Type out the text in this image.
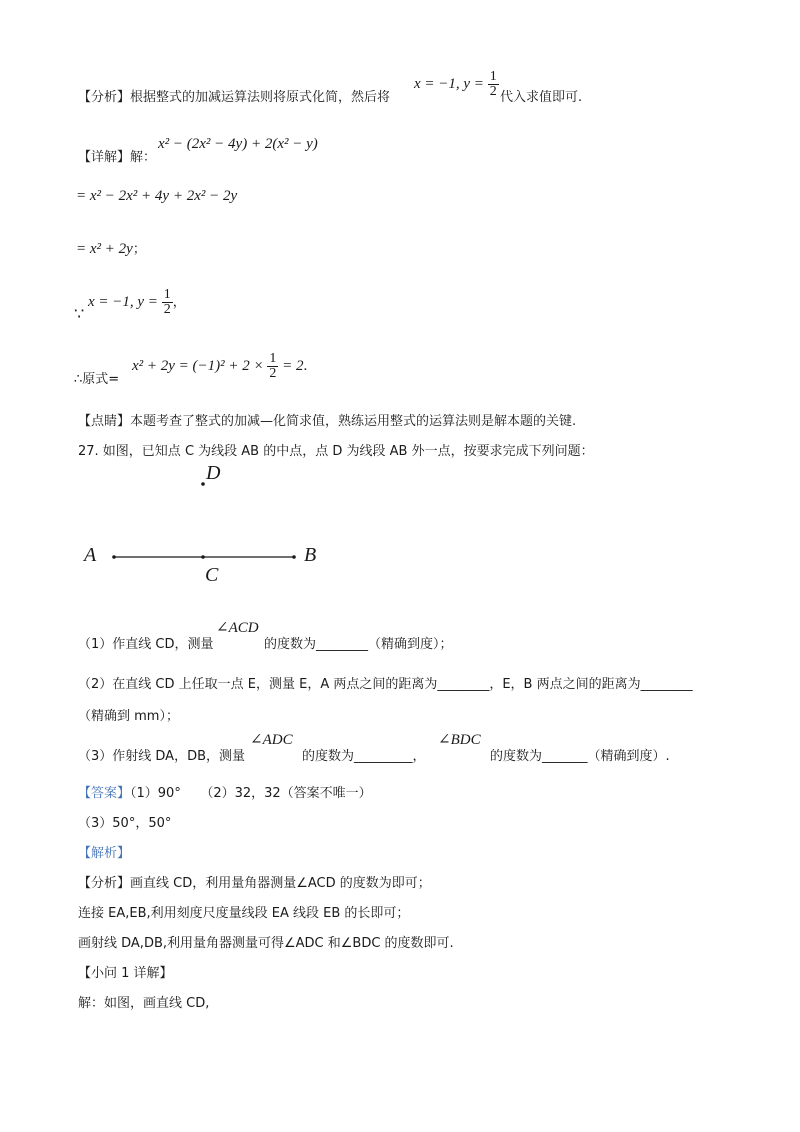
【分析】根据整式的加减运算法则将原式化简，然后将
x = −1, $y = \frac{1}{2}$ 代入求值即可.
【详解】解：
x² − (2x² − 4y) + 2(x² − y)
= x² − 2x² + 4y + 2x² − 2y
= x² + 2y；
∵
x = −1, $y = \frac{1}{2}$ ，
∴原式=
$x^2 + 2y = (-1)^2 + 2 \times \frac{1}{2} = 2$.
【点睛】本题考查了整式的加减—化简求值，熟练运用整式的运算法则是解本题的关键.
27. 如图，已知点 C 为线段 AB 的中点，点 D 为线段 AB 外一点，按要求完成下列问题：
D
A	B
C
（1）作直线 CD，测量
∠ACD
的度数为________（精确到度）；
（2）在直线 CD 上任取一点 E，测量 E，A 两点之间的距离为________，E，B 两点之间的距离为________
（精确到 mm）；
（3）作射线 DA，DB，测量
∠ADC
的度数为_________，
∠BDC
的度数为_______（精确到度）.
【答案】（1）90°　　（2）32，32（答案不唯一）
（3）50°，50°
【解析】
【分析】画直线 CD，利用量角器测量∠ACD 的度数为即可；
连接 EA,EB,利用刻度尺度量线段 EA 线段 EB 的长即可；
画射线 DA,DB,利用量角器测量可得∠ADC 和∠BDC 的度数即可.
【小问 1 详解】
解：如图，画直线 CD,
